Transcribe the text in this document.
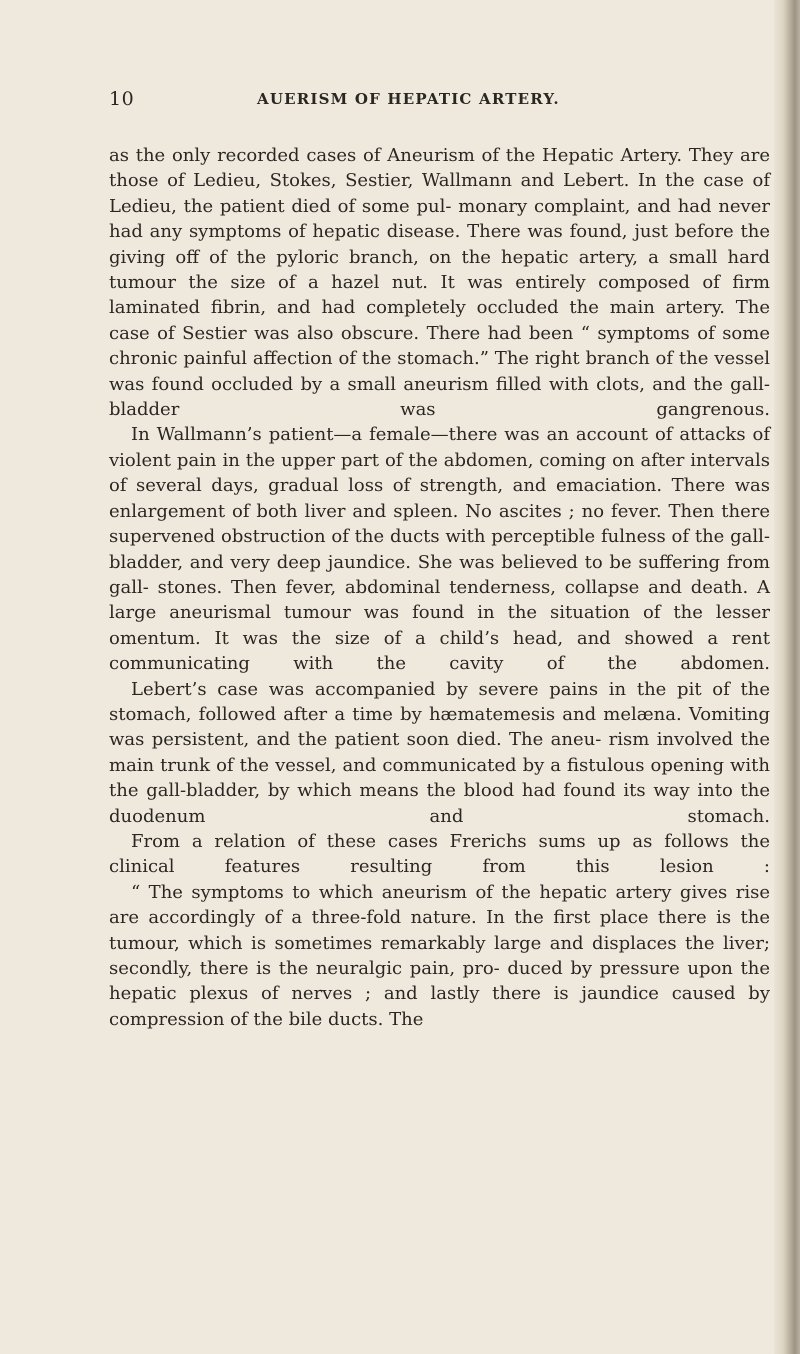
10	AUERISM OF HEPATIC ARTERY.

as the only recorded cases of Aneurism of the Hepatic Artery. They are those of Ledieu, Stokes, Sestier, Wallmann and Lebert. In the case of Ledieu, the patient died of some pul- monary complaint, and had never had any symptoms of hepatic disease. There was found, just before the giving off of the pyloric branch, on the hepatic artery, a small hard tumour the size of a hazel nut. It was entirely composed of firm laminated fibrin, and had completely occluded the main artery. The case of Sestier was also obscure. There had been “ symptoms of some chronic painful affection of the stomach.” The right branch of the vessel was found occluded by a small aneurism filled with clots, and the gall-bladder was gangrenous.

In Wallmann’s patient—a female—there was an account of attacks of violent pain in the upper part of the abdomen, coming on after intervals of several days, gradual loss of strength, and emaciation. There was enlargement of both liver and spleen. No ascites ; no fever. Then there supervened obstruction of the ducts with perceptible fulness of the gall-bladder, and very deep jaundice. She was believed to be suffering from gall- stones. Then fever, abdominal tenderness, collapse and death. A large aneurismal tumour was found in the situation of the lesser omentum. It was the size of a child’s head, and showed a rent communicating with the cavity of the abdomen.

Lebert’s case was accompanied by severe pains in the pit of the stomach, followed after a time by hæmatemesis and melæna. Vomiting was persistent, and the patient soon died. The aneu- rism involved the main trunk of the vessel, and communicated by a fistulous opening with the gall-bladder, by which means the blood had found its way into the duodenum and stomach.

From a relation of these cases Frerichs sums up as follows the clinical features resulting from this lesion :

“ The symptoms to which aneurism of the hepatic artery gives rise are accordingly of a three-fold nature. In the first place there is the tumour, which is sometimes remarkably large and displaces the liver; secondly, there is the neuralgic pain, pro- duced by pressure upon the hepatic plexus of nerves ; and lastly there is jaundice caused by compression of the bile ducts. The
